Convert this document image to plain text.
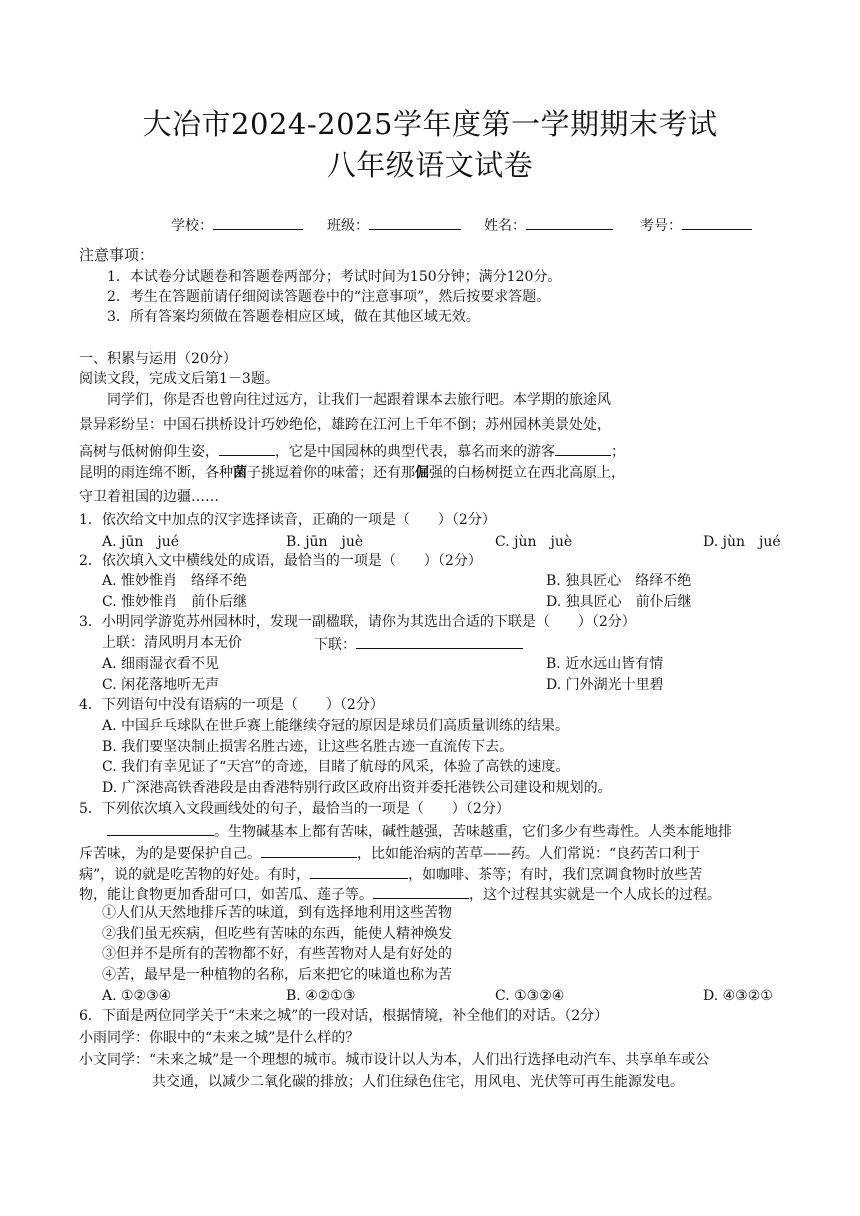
大冶市2024-2025学年度第一学期期末考试
八年级语文试卷
学校：	班级：	姓名：	考号：
注意事项：
1．本试卷分试题卷和答题卷两部分；考试时间为150分钟；满分120分。
2．考生在答题前请仔细阅读答题卷中的“注意事项”，然后按要求答题。
3．所有答案均须做在答题卷相应区域，做在其他区域无效。
一、积累与运用（20分）
阅读文段，完成文后第1－3题。
同学们，你是否也曾向往过远方，让我们一起跟着课本去旅行吧。本学期的旅途风
景异彩纷呈：中国石拱桥设计巧妙绝伦，雄跨在江河上千年不倒；苏州园林美景处处，
高树与低树俯仰生姿，	，它是中国园林的典型代表，慕名而来的游客	；
昆明的雨连绵不断，各种菌子挑逗着你的味蕾；还有那倔强的白杨树挺立在西北高原上，
守卫着祖国的边疆……
1．依次给文中加点的汉字选择读音，正确的一项是（　　）（2分）
A. jūn　jué	B. jūn　juè	C. jùn　juè	D. jùn　jué
2．依次填入文中横线处的成语，最恰当的一项是（　　）（2分）
A. 惟妙惟肖　络绎不绝	B. 独具匠心　络绎不绝
C. 惟妙惟肖　前仆后继	D. 独具匠心　前仆后继
3．小明同学游览苏州园林时，发现一副楹联，请你为其选出合适的下联是（　　）（2分）
上联：清风明月本无价	下联：
A. 细雨湿衣看不见	B. 近水远山皆有情
C. 闲花落地听无声	D. 门外湖光十里碧
4．下列语句中没有语病的一项是（　　）（2分）
A. 中国乒乓球队在世乒赛上能继续夺冠的原因是球员们高质量训练的结果。
B. 我们要坚决制止损害名胜古迹，让这些名胜古迹一直流传下去。
C. 我们有幸见证了“天宫”的奇迹，目睹了航母的风采，体验了高铁的速度。
D. 广深港高铁香港段是由香港特别行政区政府出资并委托港铁公司建设和规划的。
5．下列依次填入文段画线处的句子，最恰当的一项是（　　）（2分）
。生物碱基本上都有苦味，碱性越强，苦味越重，它们多少有些毒性。人类本能地排
斥苦味，为的是要保护自己。	，比如能治病的苦草——药。人们常说：“良药苦口利于
病”，说的就是吃苦物的好处。有时，	，如咖啡、茶等；有时，我们烹调食物时放些苦
物，能让食物更加香甜可口，如苦瓜、莲子等。	，这个过程其实就是一个人成长的过程。
①人们从天然地排斥苦的味道，到有选择地利用这些苦物
②我们虽无疾病，但吃些有苦味的东西，能使人精神焕发
③但并不是所有的苦物都不好，有些苦物对人是有好处的
④苦，最早是一种植物的名称，后来把它的味道也称为苦
A. ①②③④	B. ④②①③	C. ①③②④	D. ④③②①
6．下面是两位同学关于“未来之城”的一段对话，根据情境，补全他们的对话。（2分）
小雨同学：你眼中的“未来之城”是什么样的？
小文同学：“未来之城”是一个理想的城市。城市设计以人为本，人们出行选择电动汽车、共享单车或公
共交通，以减少二氧化碳的排放；人们住绿色住宅，用风电、光伏等可再生能源发电。
